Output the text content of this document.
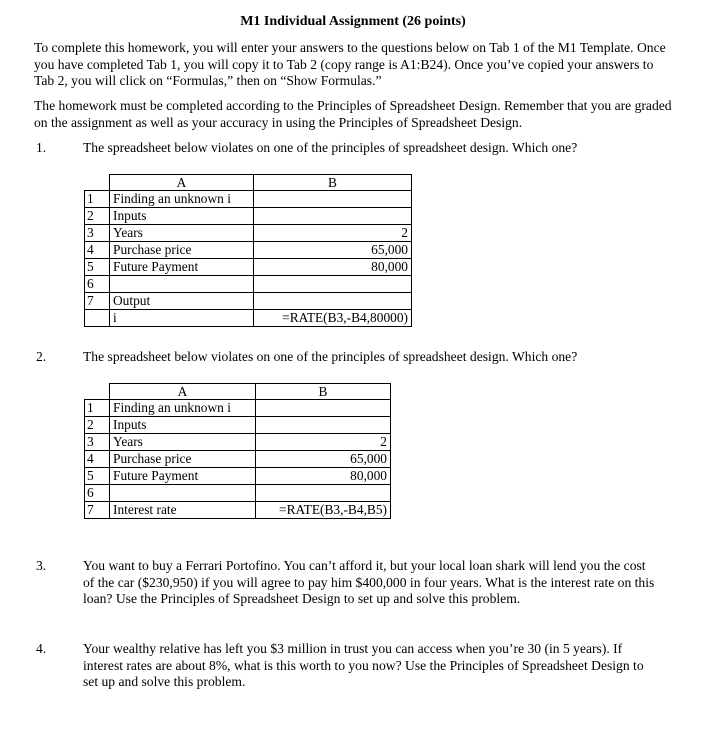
M1 Individual Assignment (26 points)
To complete this homework, you will enter your answers to the questions below on Tab 1 of the M1 Template. Once you have completed Tab 1, you will copy it to Tab 2 (copy range is A1:B24). Once you’ve copied your answers to Tab 2, you will click on “Formulas,” then on “Show Formulas.”
The homework must be completed according to the Principles of Spreadsheet Design. Remember that you are graded on the assignment as well as your accuracy in using the Principles of Spreadsheet Design.
1.	The spreadsheet below violates on one of the principles of spreadsheet design. Which one?
	A	B
1	Finding an unknown i	
2	Inputs	
3	Years	2
4	Purchase price	65,000
5	Future Payment	80,000
6		
7	Output	
	i	=RATE(B3,-B4,80000)
2.	The spreadsheet below violates on one of the principles of spreadsheet design. Which one?
	A	B
1	Finding an unknown i	
2	Inputs	
3	Years	2
4	Purchase price	65,000
5	Future Payment	80,000
6		
7	Interest rate	=RATE(B3,-B4,B5)
3.	You want to buy a Ferrari Portofino. You can’t afford it, but your local loan shark will lend you the cost of the car ($230,950) if you will agree to pay him $400,000 in four years. What is the interest rate on this loan? Use the Principles of Spreadsheet Design to set up and solve this problem.
4.	Your wealthy relative has left you $3 million in trust you can access when you’re 30 (in 5 years). If interest rates are about 8%, what is this worth to you now? Use the Principles of Spreadsheet Design to set up and solve this problem.
